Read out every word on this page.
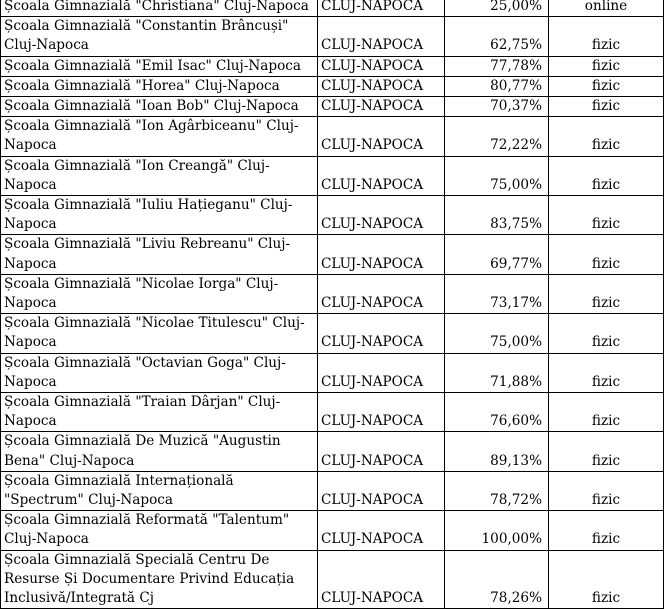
Școala Gimnazială "Christiana" Cluj-Napoca	CLUJ-NAPOCA	25,00%	online
Școala Gimnazială "Constantin Brâncuși" Cluj-Napoca	CLUJ-NAPOCA	62,75%	fizic
Școala Gimnazială "Emil Isac" Cluj-Napoca	CLUJ-NAPOCA	77,78%	fizic
Școala Gimnazială "Horea" Cluj-Napoca	CLUJ-NAPOCA	80,77%	fizic
Școala Gimnazială "Ioan Bob" Cluj-Napoca	CLUJ-NAPOCA	70,37%	fizic
Școala Gimnazială "Ion Agârbiceanu" Cluj-Napoca	CLUJ-NAPOCA	72,22%	fizic
Școala Gimnazială "Ion Creangă" Cluj-Napoca	CLUJ-NAPOCA	75,00%	fizic
Școala Gimnazială "Iuliu Hațieganu" Cluj-Napoca	CLUJ-NAPOCA	83,75%	fizic
Școala Gimnazială "Liviu Rebreanu" Cluj-Napoca	CLUJ-NAPOCA	69,77%	fizic
Școala Gimnazială "Nicolae Iorga" Cluj-Napoca	CLUJ-NAPOCA	73,17%	fizic
Școala Gimnazială "Nicolae Titulescu" Cluj-Napoca	CLUJ-NAPOCA	75,00%	fizic
Școala Gimnazială "Octavian Goga" Cluj-Napoca	CLUJ-NAPOCA	71,88%	fizic
Școala Gimnazială "Traian Dârjan" Cluj-Napoca	CLUJ-NAPOCA	76,60%	fizic
Școala Gimnazială De Muzică "Augustin Bena" Cluj-Napoca	CLUJ-NAPOCA	89,13%	fizic
Școala Gimnazială Internațională "Spectrum" Cluj-Napoca	CLUJ-NAPOCA	78,72%	fizic
Școala Gimnazială Reformată "Talentum" Cluj-Napoca	CLUJ-NAPOCA	100,00%	fizic
Școala Gimnazială Specială Centru De Resurse Și Documentare Privind Educația Inclusivă/Integrată Cj	CLUJ-NAPOCA	78,26%	fizic
